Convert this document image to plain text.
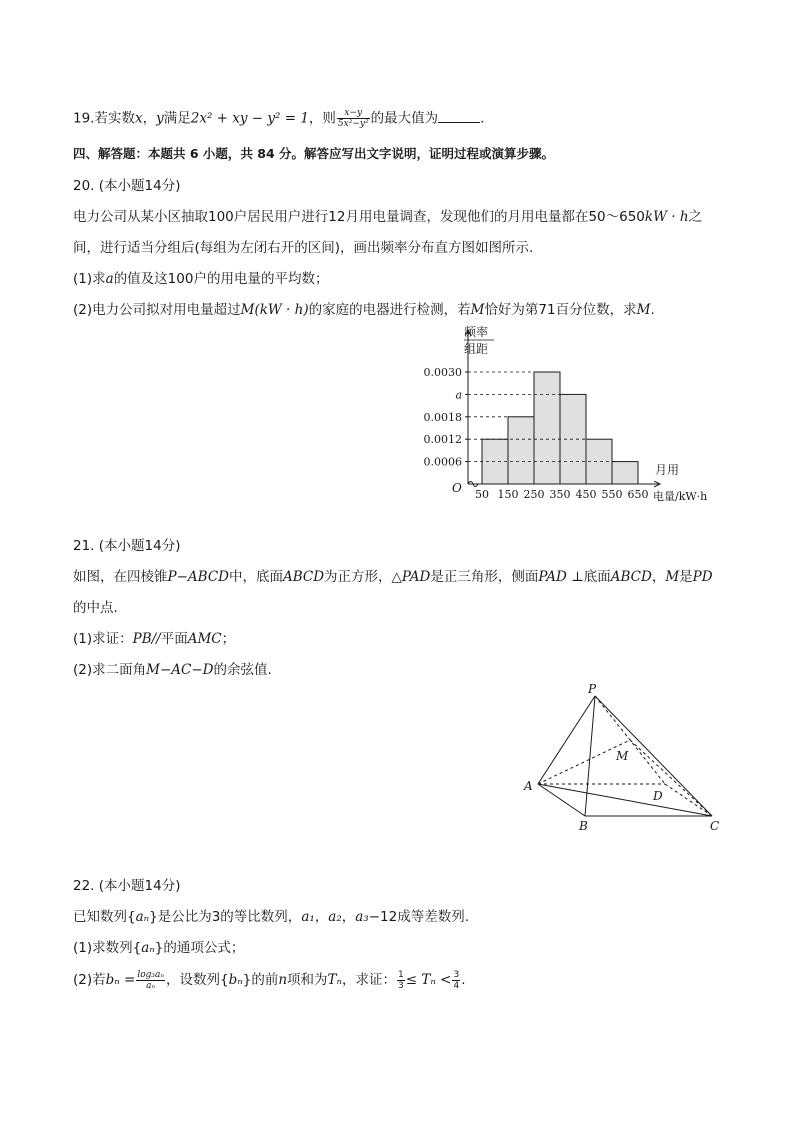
19.若实数x，y满足2x² + xy − y² = 1，则 $\frac{x-y}{\text{5x²−y²}}$ 的最大值为	.
四、解答题：本题共 6 小题，共 84 分。解答应写出文字说明，证明过程或演算步骤。
20. (本小题14分)
电力公司从某小区抽取100户居民用户进行12月用电量调查，发现他们的月用电量都在50～650kW · h之
间，进行适当分组后(每组为左闭右开的区间)，画出频率分布直方图如图所示.
(1)求a的值及这100户的用电量的平均数；
(2)电力公司拟对用电量超过M(kW · h)的家庭的电器进行检测，若M恰好为第71百分位数，求M.
0.0030
a
0.0018
0.0012
0.0006
50 150 250 350 450 550 650
O
频率
组距
月用
电量/kW·h
21. (本小题14分)
如图，在四棱锥P−ABCD中，底面ABCD为正方形，△PAD是正三角形，侧面PAD ⊥底面ABCD，M是PD
的中点.
(1)求证：PB//平面AMC；
(2)求二面角M−AC−D的余弦值.
P
M
A
D
B	C
22. (本小题14分)
已知数列{aₙ}是公比为3的等比数列，a₁，a₂，a₃−12成等差数列.
(1)求数列{aₙ}的通项公式；
(2)若$b_n = \frac{\text{log₃aₙ}}{\text{aₙ}}$ ，设数列{bₙ}的前n项和为Tₙ，求证： $\frac{1}{3} \le T_n < \frac{3}{4}$ .
